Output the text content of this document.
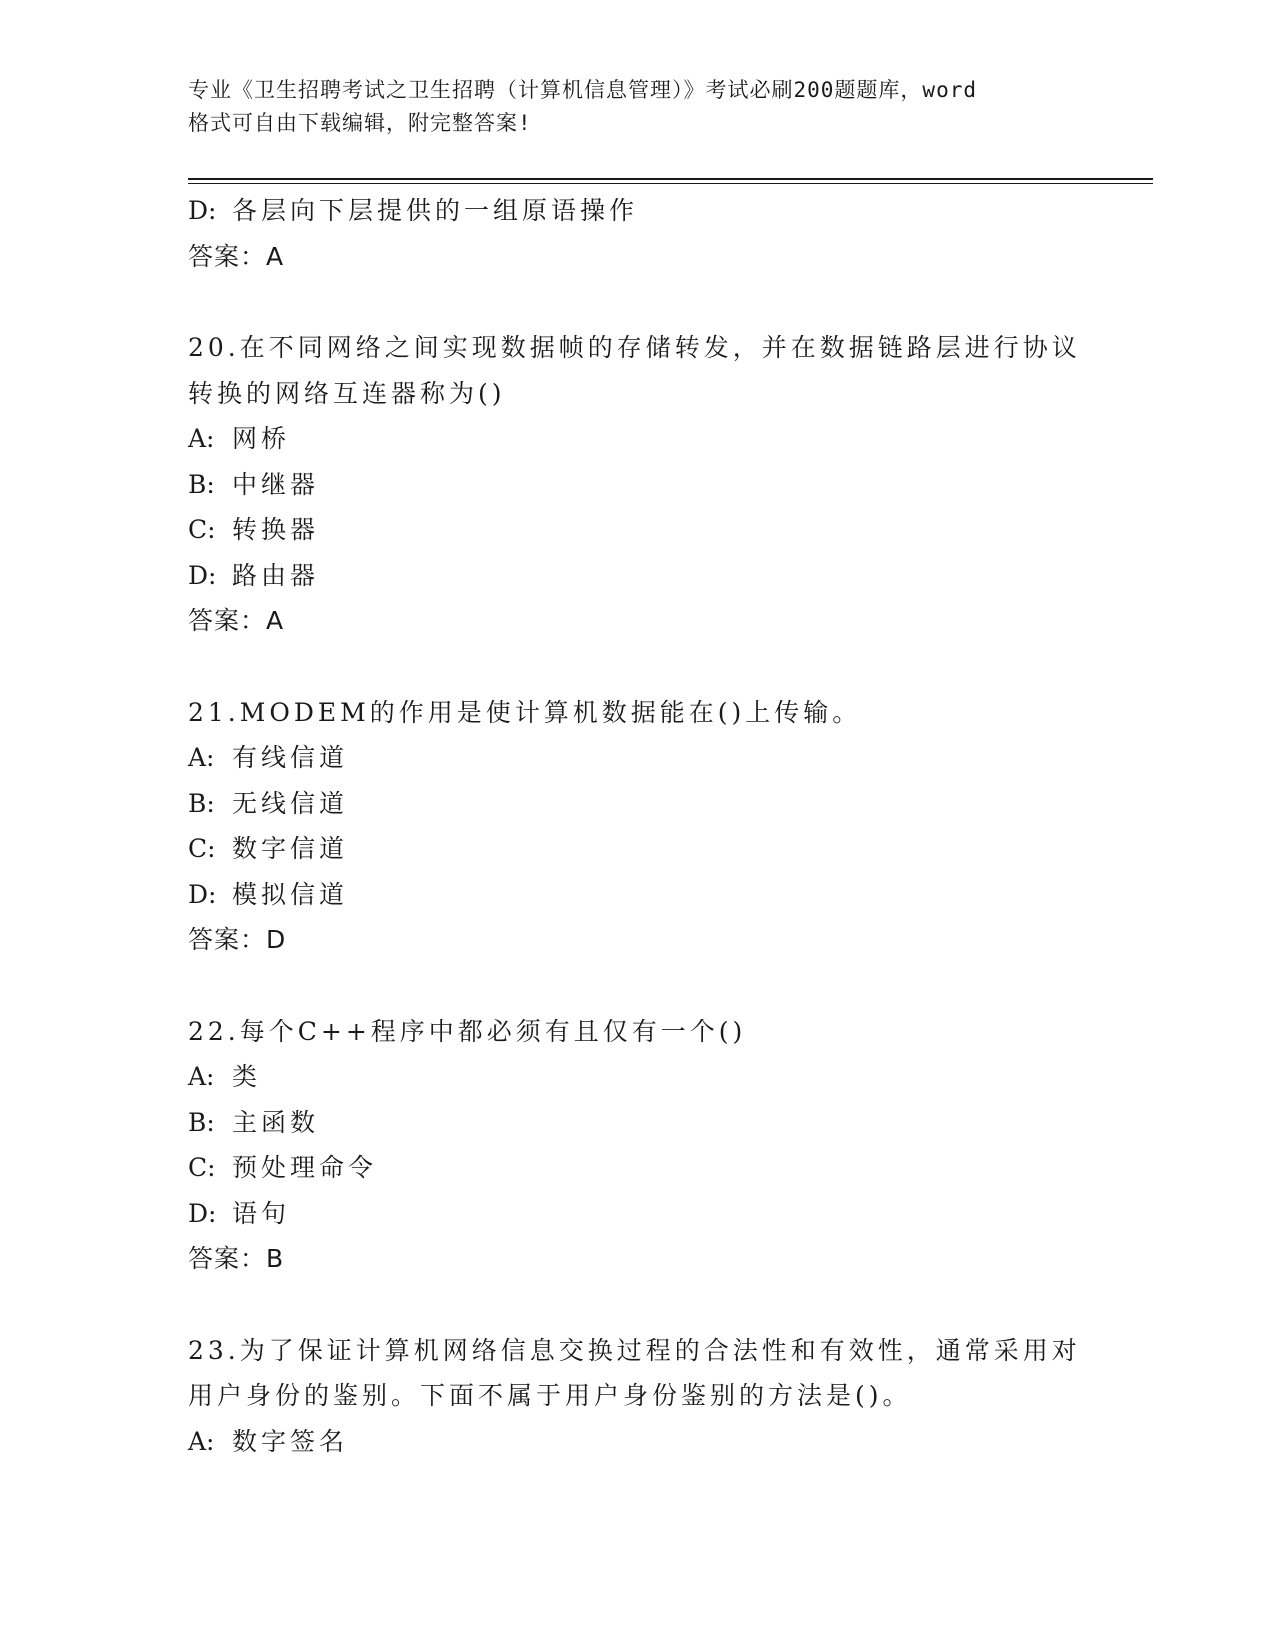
专业《卫生招聘考试之卫生招聘（计算机信息管理）》考试必刷200题题库，word
格式可自由下载编辑，附完整答案!
D: 各层向下层提供的一组原语操作
答案：A
20.在不同网络之间实现数据帧的存储转发，并在数据链路层进行协议
转换的网络互连器称为()
A: 网桥
B: 中继器
C: 转换器
D: 路由器
答案：A
21.MODEM的作用是使计算机数据能在()上传输。
A: 有线信道
B: 无线信道
C: 数字信道
D: 模拟信道
答案：D
22.每个C++程序中都必须有且仅有一个()
A: 类
B: 主函数
C: 预处理命令
D: 语句
答案：B
23.为了保证计算机网络信息交换过程的合法性和有效性，通常采用对
用户身份的鉴别。下面不属于用户身份鉴别的方法是()。
A: 数字签名
